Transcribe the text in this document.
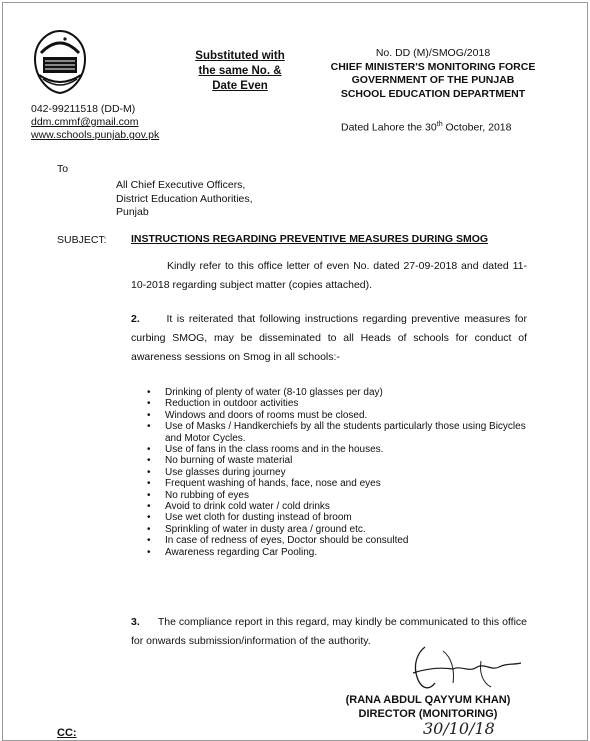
Substituted with
the same No. &
Date Even
No. DD (M)/SMOG/2018
CHIEF MINISTER'S MONITORING FORCE
GOVERNMENT OF THE PUNJAB
SCHOOL EDUCATION DEPARTMENT
042-99211518 (DD-M)
ddm.cmmf@gmail.com
www.schools.punjab.gov.pk
Dated Lahore the 30th October, 2018
To
All Chief Executive Officers,
District Education Authorities,
Punjab
SUBJECT: INSTRUCTIONS REGARDING PREVENTIVE MEASURES DURING SMOG
Kindly refer to this office letter of even No. dated 27-09-2018 and dated 11-10-2018 regarding subject matter (copies attached).
2.	It is reiterated that following instructions regarding preventive measures for curbing SMOG, may be disseminated to all Heads of schools for conduct of awareness sessions on Smog in all schools:-
• Drinking of plenty of water (8-10 glasses per day)
• Reduction in outdoor activities
• Windows and doors of rooms must be closed.
• Use of Masks / Handkerchiefs by all the students particularly those using Bicycles and Motor Cycles.
• Use of fans in the class rooms and in the houses.
• No burning of waste material
• Use glasses during journey
• Frequent washing of hands, face, nose and eyes
• No rubbing of eyes
• Avoid to drink cold water / cold drinks
• Use wet cloth for dusting instead of broom
• Sprinkling of water in dusty area / ground etc.
• In case of redness of eyes, Doctor should be consulted
• Awareness regarding Car Pooling.
3. The compliance report in this regard, may kindly be communicated to this office for onwards submission/information of the authority.
(RANA ABDUL QAYYUM KHAN)
DIRECTOR (MONITORING)
30/10/18
CC:
